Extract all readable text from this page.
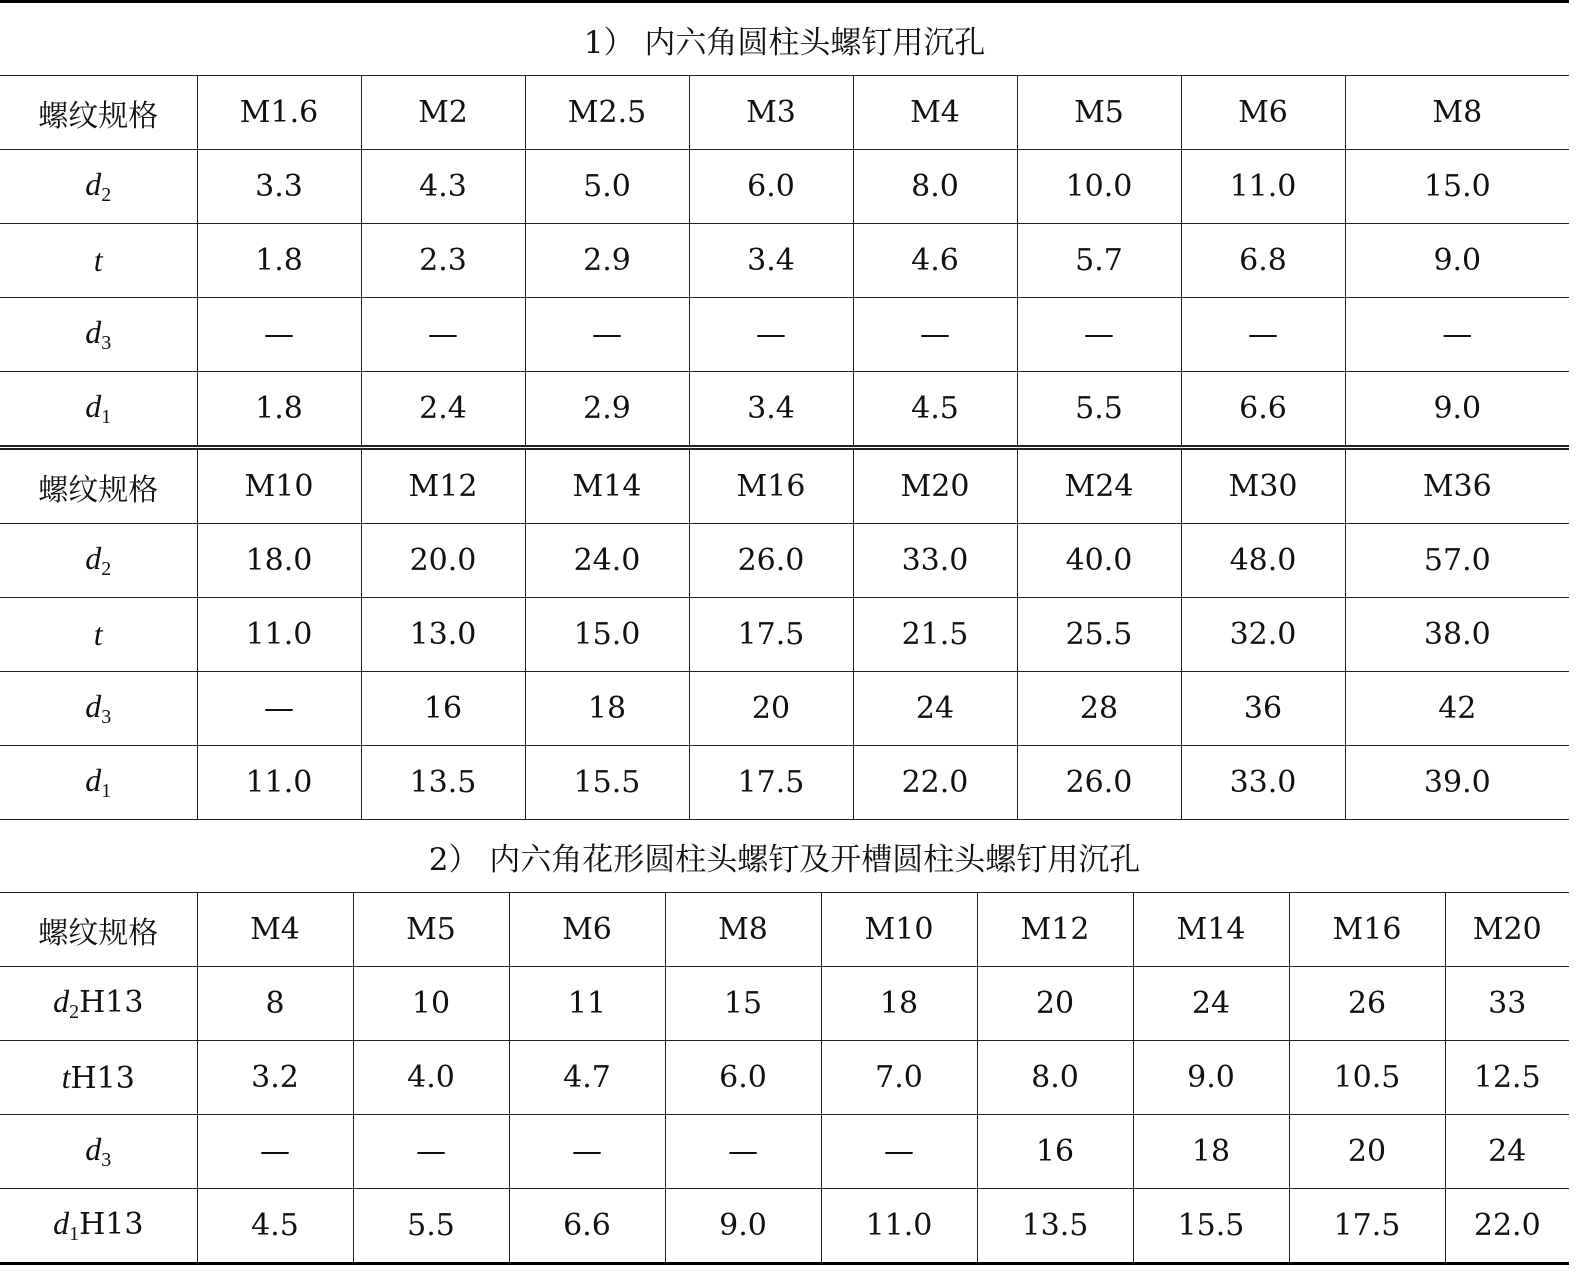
1） 内六角圆柱头螺钉用沉孔								
螺纹规格	M1.6	M2	M2.5	M3	M4	M5	M6	M8
$d_2$	3.3	4.3	5.0	6.0	8.0	10.0	11.0	15.0
t	1.8	2.3	2.9	3.4	4.6	5.7	6.8	9.0
$d_3$	—	—	—	—	—	—	—	—
$d_1$	1.8	2.4	2.9	3.4	4.5	5.5	6.6	9.0
螺纹规格	M10	M12	M14	M16	M20	M24	M30	M36
$d_2$	18.0	20.0	24.0	26.0	33.0	40.0	48.0	57.0
t	11.0	13.0	15.0	17.5	21.5	25.5	32.0	38.0
$d_3$	—	16	18	20	24	28	36	42
$d_1$	11.0	13.5	15.5	17.5	22.0	26.0	33.0	39.0
2） 内六角花形圆柱头螺钉及开槽圆柱头螺钉用沉孔									
螺纹规格	M4	M5	M6	M8	M10	M12	M14	M16	M20
$d_2H13$	8	10	11	15	18	20	24	26	33
tH13	3.2	4.0	4.7	6.0	7.0	8.0	9.0	10.5	12.5
$d_3$	—	—	—	—	—	16	18	20	24
$d_1H13$	4.5	5.5	6.6	9.0	11.0	13.5	15.5	17.5	22.0
